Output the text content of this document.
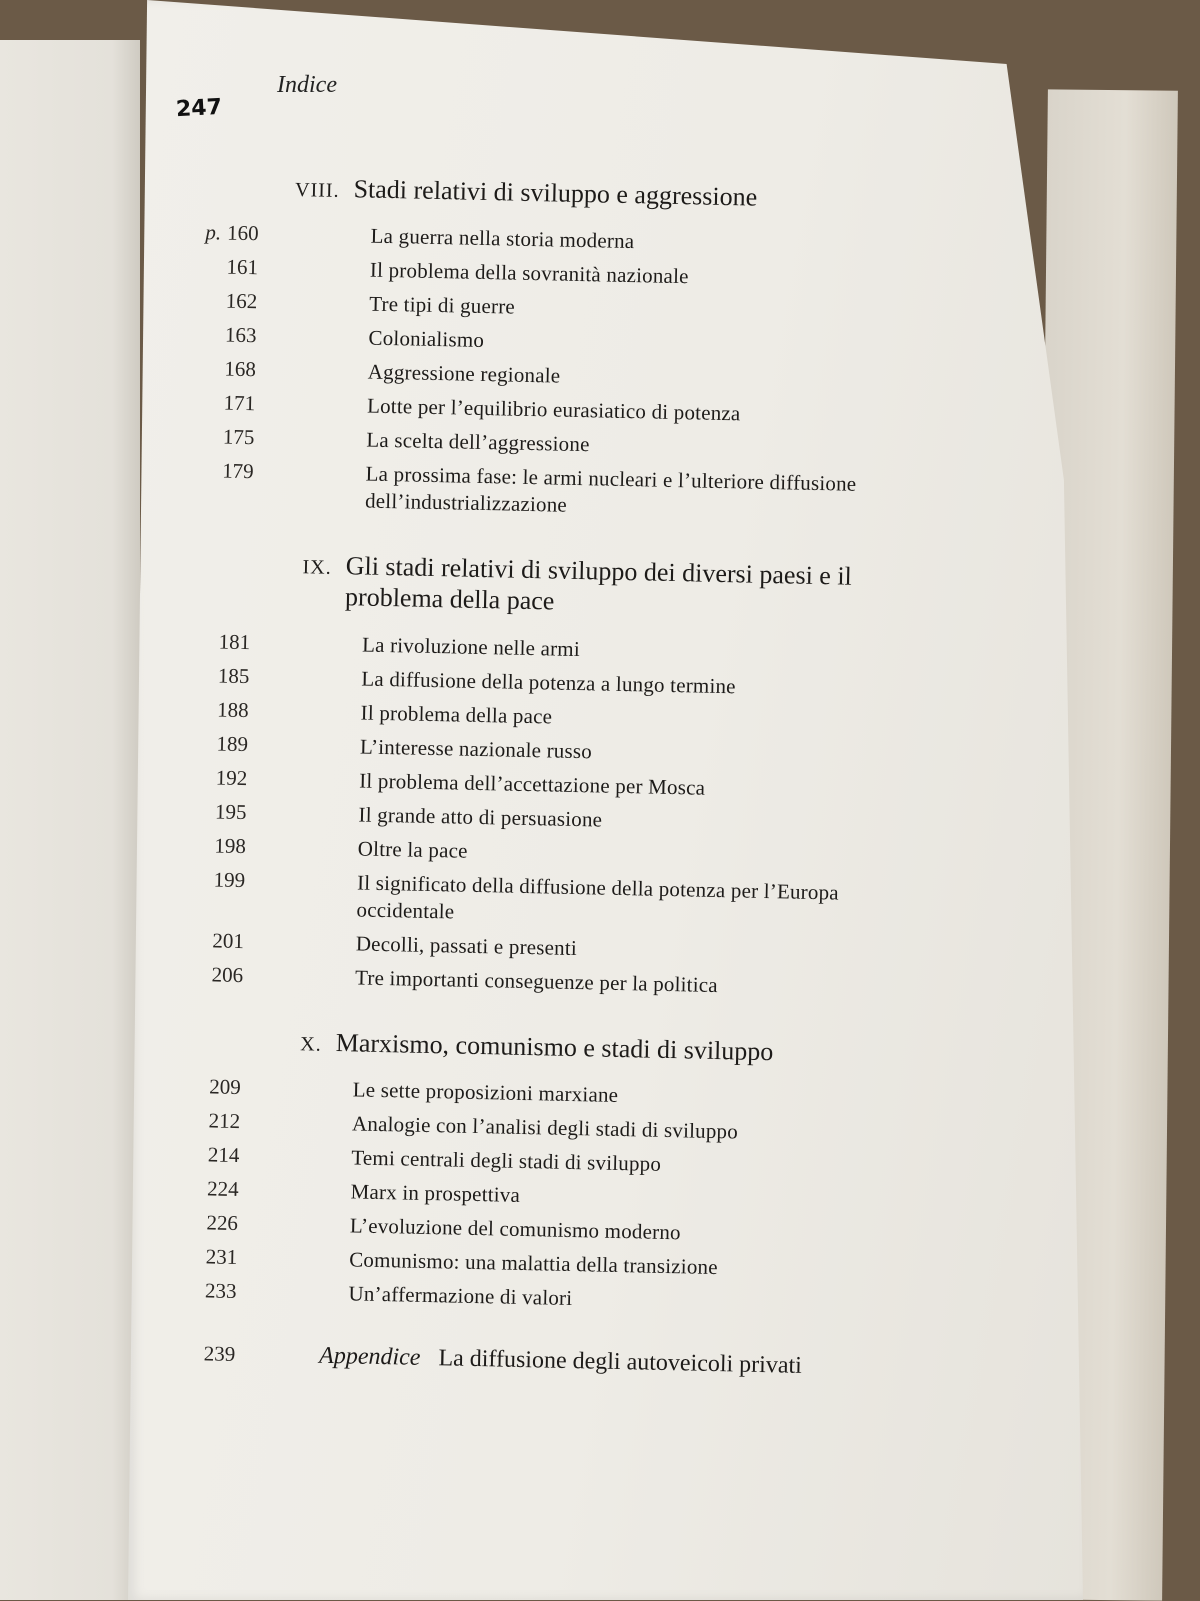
247
Indice
VIII. Stadi relativi di sviluppo e aggressione
p. 160	La guerra nella storia moderna
161	Il problema della sovranità nazionale
162	Tre tipi di guerre
163	Colonialismo
168	Aggressione regionale
171	Lotte per l’equilibrio eurasiatico di potenza
175	La scelta dell’aggressione
179	La prossima fase: le armi nucleari e l’ulteriore diffusione dell’industrializzazione
IX. Gli stadi relativi di sviluppo dei diversi paesi e il problema della pace
181	La rivoluzione nelle armi
185	La diffusione della potenza a lungo termine
188	Il problema della pace
189	L’interesse nazionale russo
192	Il problema dell’accettazione per Mosca
195	Il grande atto di persuasione
198	Oltre la pace
199	Il significato della diffusione della potenza per l’Europa occidentale
201	Decolli, passati e presenti
206	Tre importanti conseguenze per la politica
X. Marxismo, comunismo e stadi di sviluppo
209	Le sette proposizioni marxiane
212	Analogie con l’analisi degli stadi di sviluppo
214	Temi centrali degli stadi di sviluppo
224	Marx in prospettiva
226	L’evoluzione del comunismo moderno
231	Comunismo: una malattia della transizione
233	Un’affermazione di valori
239	Appendice La diffusione degli autoveicoli privati
